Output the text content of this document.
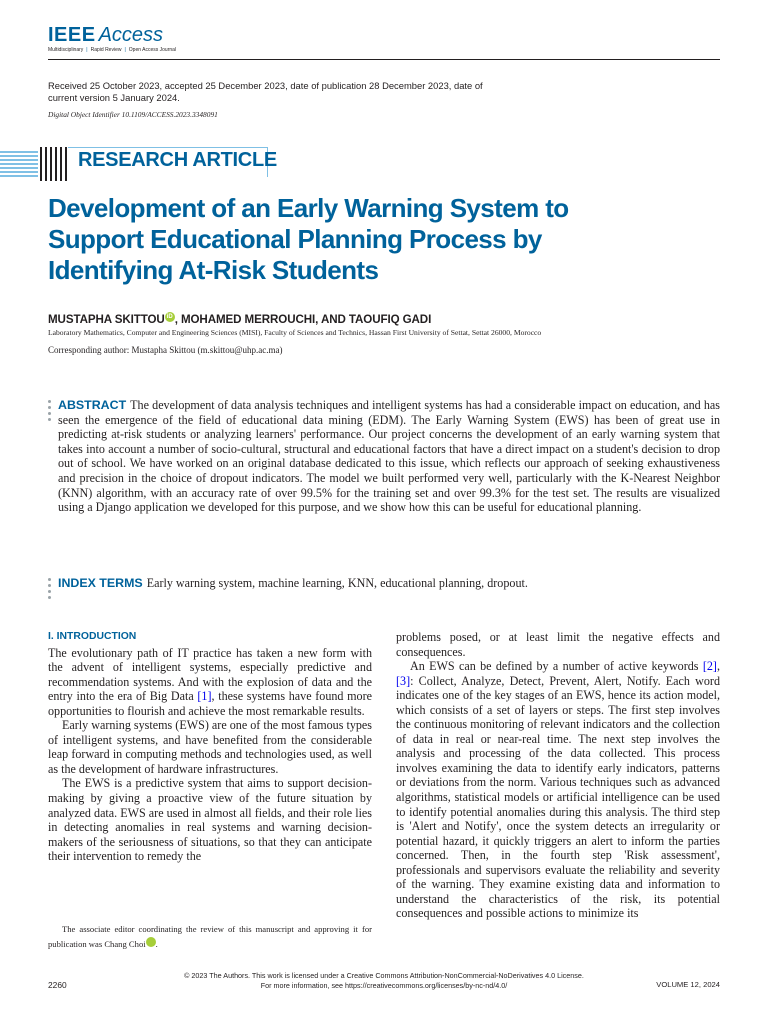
IEEE Access
Multidisciplinary | Rapid Review | Open Access Journal
Received 25 October 2023, accepted 25 December 2023, date of publication 28 December 2023, date of current version 5 January 2024.
Digital Object Identifier 10.1109/ACCESS.2023.3348091
RESEARCH ARTICLE
Development of an Early Warning System to Support Educational Planning Process by Identifying At-Risk Students
MUSTAPHA SKITTOU iD , MOHAMED MERROUCHI, AND TAOUFIQ GADI
Laboratory Mathematics, Computer and Engineering Sciences (MISI), Faculty of Sciences and Technics, Hassan First University of Settat, Settat 26000, Morocco
Corresponding author: Mustapha Skittou (m.skittou@uhp.ac.ma)

ABSTRACT The development of data analysis techniques and intelligent systems has had a considerable impact on education, and has seen the emergence of the field of educational data mining (EDM). The Early Warning System (EWS) has been of great use in predicting at-risk students or analyzing learners' performance. Our project concerns the development of an early warning system that takes into account a number of socio-cultural, structural and educational factors that have a direct impact on a student's decision to drop out of school. We have worked on an original database dedicated to this issue, which reflects our approach of seeking exhaustiveness and precision in the choice of dropout indicators. The model we built performed very well, particularly with the K-Nearest Neighbor (KNN) algorithm, with an accuracy rate of over 99.5% for the training set and over 99.3% for the test set. The results are visualized using a Django application we developed for this purpose, and we show how this can be useful for educational planning.

INDEX TERMS Early warning system, machine learning, KNN, educational planning, dropout.

I. INTRODUCTION

The evolutionary path of IT practice has taken a new form with the advent of intelligent systems, especially predictive and recommendation systems. And with the explosion of data and the entry into the era of Big Data [1], these systems have found more opportunities to flourish and achieve the most remarkable results.

Early warning systems (EWS) are one of the most famous types of intelligent systems, and have benefited from the considerable leap forward in computing methods and technologies used, as well as the development of hardware infrastructures.

The EWS is a predictive system that aims to support decision-making by giving a proactive view of the future situation by analyzed data. EWS are used in almost all fields, and their role lies in detecting anomalies in real systems and warning decision-makers of the seriousness of situations, so that they can anticipate their intervention to remedy the

The associate editor coordinating the review of this manuscript and approving it for publication was Chang Choi iD.

problems posed, or at least limit the negative effects and consequences.

An EWS can be defined by a number of active keywords [2], [3]: Collect, Analyze, Detect, Prevent, Alert, Notify. Each word indicates one of the key stages of an EWS, hence its action model, which consists of a set of layers or steps. The first step involves the continuous monitoring of relevant indicators and the collection of data in real or near-real time. The next step involves the analysis and processing of the data collected. This process involves examining the data to identify early indicators, patterns or deviations from the norm. Various techniques such as advanced algorithms, statistical models or artificial intelligence can be used to identify potential anomalies during this analysis. The third step is 'Alert and Notify', once the system detects an irregularity or potential hazard, it quickly triggers an alert to inform the parties concerned. Then, in the fourth step 'Risk assessment', professionals and supervisors evaluate the reliability and severity of the warning. They examine existing data and information to understand the characteristics of the risk, its potential consequences and possible actions to minimize its

2260
© 2023 The Authors. This work is licensed under a Creative Commons Attribution-NonCommercial-NoDerivatives 4.0 License.
For more information, see https://creativecommons.org/licenses/by-nc-nd/4.0/	VOLUME 12, 2024
